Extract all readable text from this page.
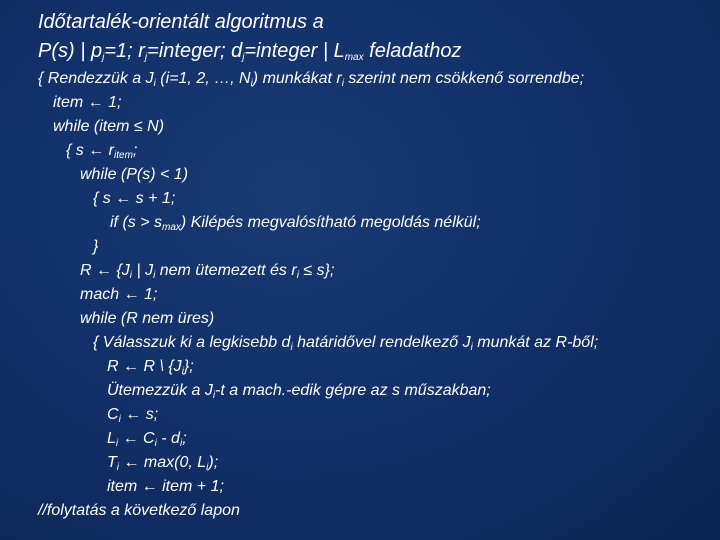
Időtartalék-orientált algoritmus a
P(s) | $p_j=1$; $r_j=integer$; $d_j=integer$ | $L_{max}$ feladathoz
{ Rendezzük a $J_i$ (i=1, 2, …, $N_i$) munkákat $r_i$ szerint nem csökkenő sorrendbe;
item ← 1;
while (item ≤ N)
{ s ← $r_{item}$;
while (P(s) < 1)
{ s ← s + 1;
if $(s > s_{max})$ Kilépés megvalósítható megoldás nélkül;
}
R ← {$J_i$ | $J_i$ nem ütemezett és $r_i \le s$};
mach ← 1;
while (R nem üres)
{ Válasszuk ki a legkisebb $d_i$ határidővel rendelkező $J_i$ munkát az R-ből;
R ← R \ $\{J_i\}$;
Ütemezzük a $J_i-t$ a mach.-edik gépre az s műszakban;
$C_i$ ← s;
$L_i$ ← $C_i - d_i$;
$T_i$ ← max(0, $L_i$);
item ← item + 1;
//folytatás a következő lapon
